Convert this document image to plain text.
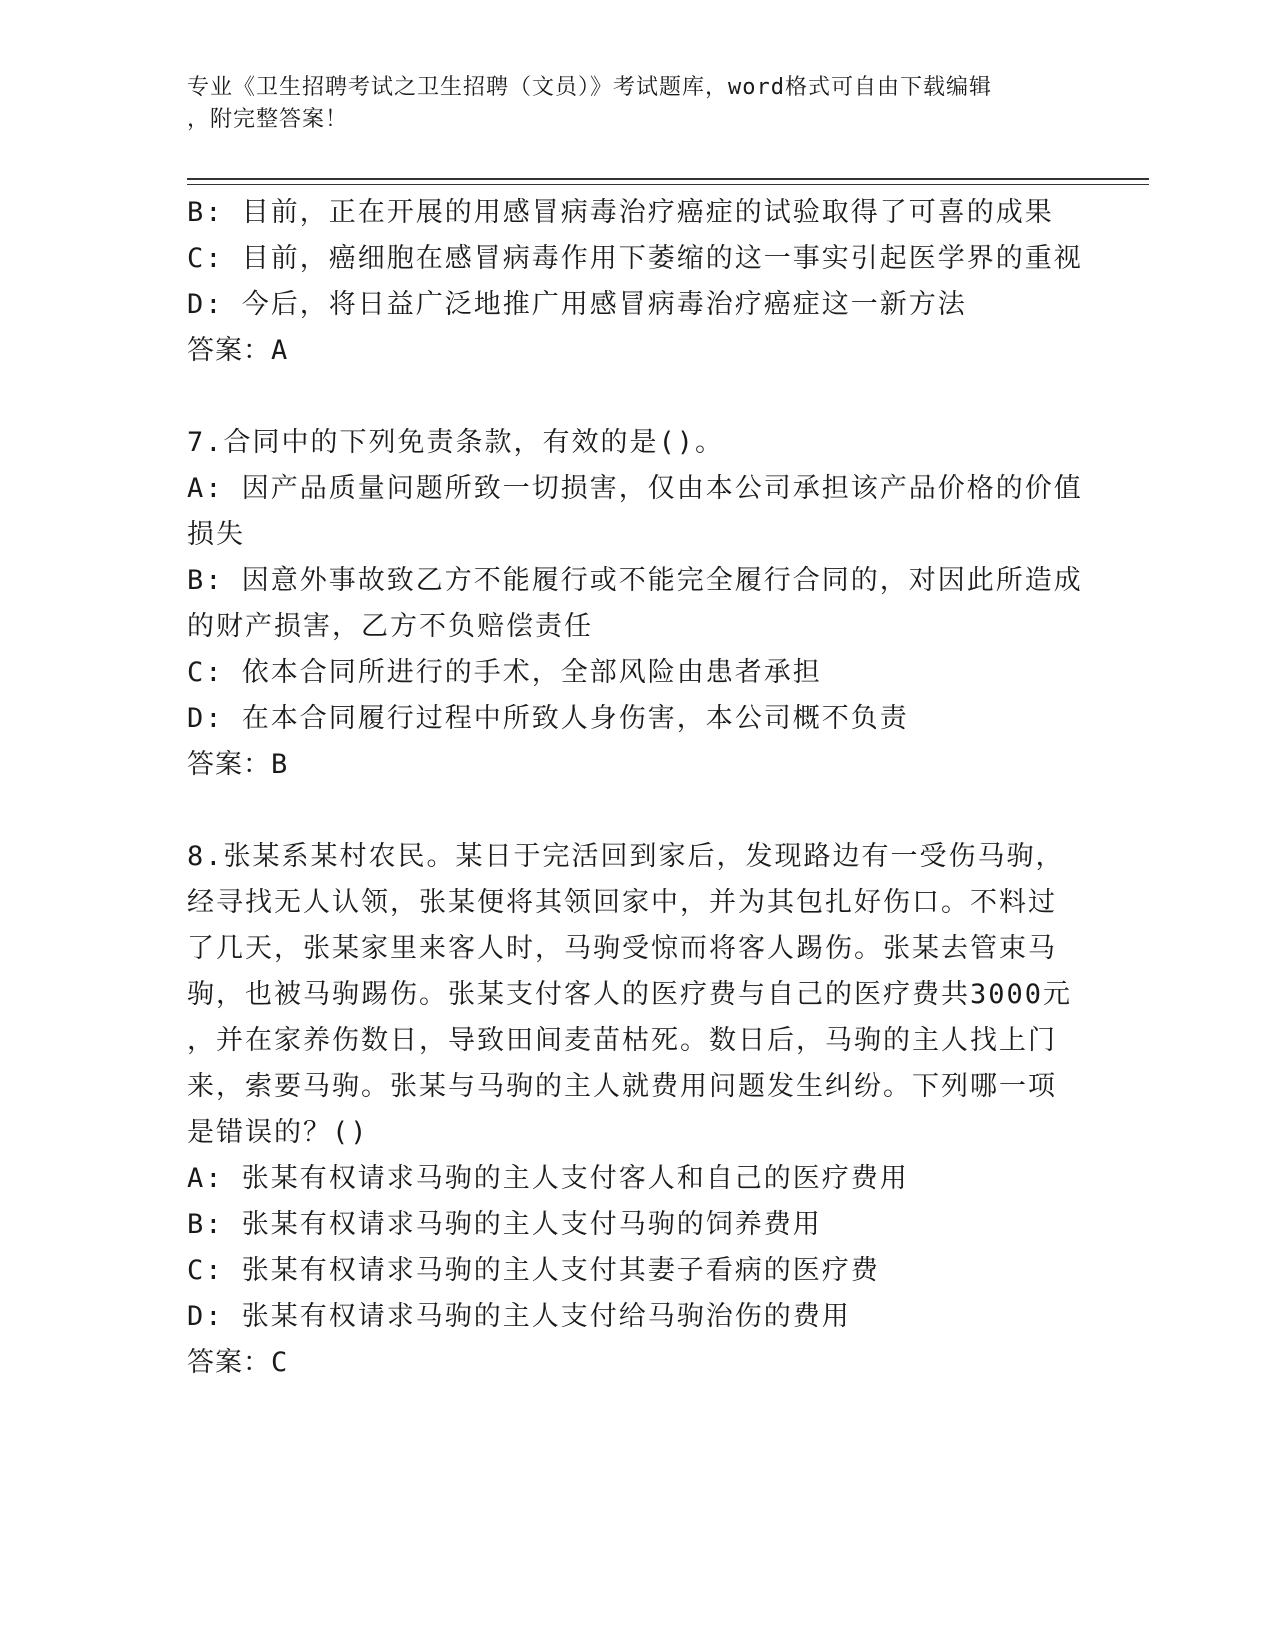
专业《卫生招聘考试之卫生招聘（文员）》考试题库，word格式可自由下载编辑
，附完整答案！
B: 目前，正在开展的用感冒病毒治疗癌症的试验取得了可喜的成果
C: 目前，癌细胞在感冒病毒作用下萎缩的这一事实引起医学界的重视
D: 今后，将日益广泛地推广用感冒病毒治疗癌症这一新方法
答案：A
7.合同中的下列免责条款，有效的是()。
A: 因产品质量问题所致一切损害，仅由本公司承担该产品价格的价值
损失
B: 因意外事故致乙方不能履行或不能完全履行合同的，对因此所造成
的财产损害，乙方不负赔偿责任
C: 依本合同所进行的手术，全部风险由患者承担
D: 在本合同履行过程中所致人身伤害，本公司概不负责
答案：B
8.张某系某村农民。某日于完活回到家后，发现路边有一受伤马驹，
经寻找无人认领，张某便将其领回家中，并为其包扎好伤口。不料过
了几天，张某家里来客人时，马驹受惊而将客人踢伤。张某去管束马
驹，也被马驹踢伤。张某支付客人的医疗费与自己的医疗费共3000元
，并在家养伤数日，导致田间麦苗枯死。数日后，马驹的主人找上门
来，索要马驹。张某与马驹的主人就费用问题发生纠纷。下列哪一项
是错误的？()
A: 张某有权请求马驹的主人支付客人和自己的医疗费用
B: 张某有权请求马驹的主人支付马驹的饲养费用
C: 张某有权请求马驹的主人支付其妻子看病的医疗费
D: 张某有权请求马驹的主人支付给马驹治伤的费用
答案：C
